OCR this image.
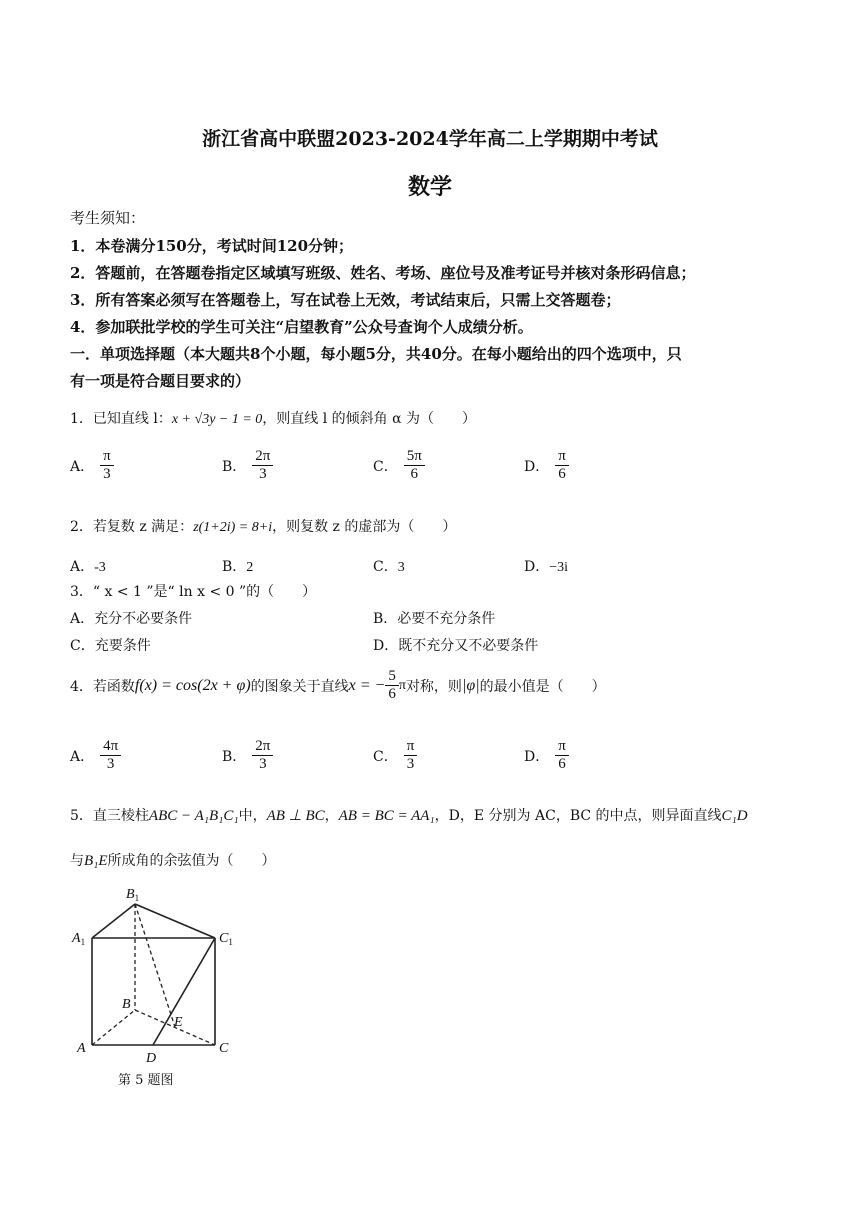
浙江省高中联盟2023-2024学年高二上学期期中考试
数学
考生须知：
1．本卷满分150分，考试时间120分钟；
2．答题前，在答题卷指定区域填写班级、姓名、考场、座位号及准考证号并核对条形码信息；
3．所有答案必须写在答题卷上，写在试卷上无效，考试结束后，只需上交答题卷；
4．参加联批学校的学生可关注“启望教育”公众号查询个人成绩分析。
一．单项选择题（本大题共8个小题，每小题5分，共40分。在每小题给出的四个选项中，只
有一项是符合题目要求的）
1．已知直线 l：x + √3y − 1 = 0，则直线 l 的倾斜角 α 为（　　）
A． $\frac{\pi}{3}$	B． $\frac{2\pi}{3}$	C． $\frac{5\pi}{6}$	D． $\frac{\pi}{6}$
2．若复数 z 满足：z(1+2i) = 8+i，则复数 z 的虚部为（　　）
A．-3	B．2	C．3	D．−3i
3．“ x < 1 ”是“ ln x < 0 ”的（　　）
A．充分不必要条件	B．必要不充分条件
C．充要条件	D．既不充分又不必要条件
4．若函数 f(x) = cos(2x + φ) 的图象关于直线 x = − $\frac{5}{6}$ π 对称，则 |φ| 的最小值是（　　）
A． $\frac{4\pi}{3}$	B． $\frac{2\pi}{3}$	C． $\frac{\pi}{3}$	D． $\frac{\pi}{6}$
5．直三棱柱ABC − A₁B₁C₁中，AB ⊥ BC，AB = BC = AA₁，D，E 分别为 AC，BC 的中点，则异面直线C₁D
与B₁E所成角的余弦值为（　　）
$B_1$
$A_1$	$C_1$
B
E
A
D
C
第 5 题图
